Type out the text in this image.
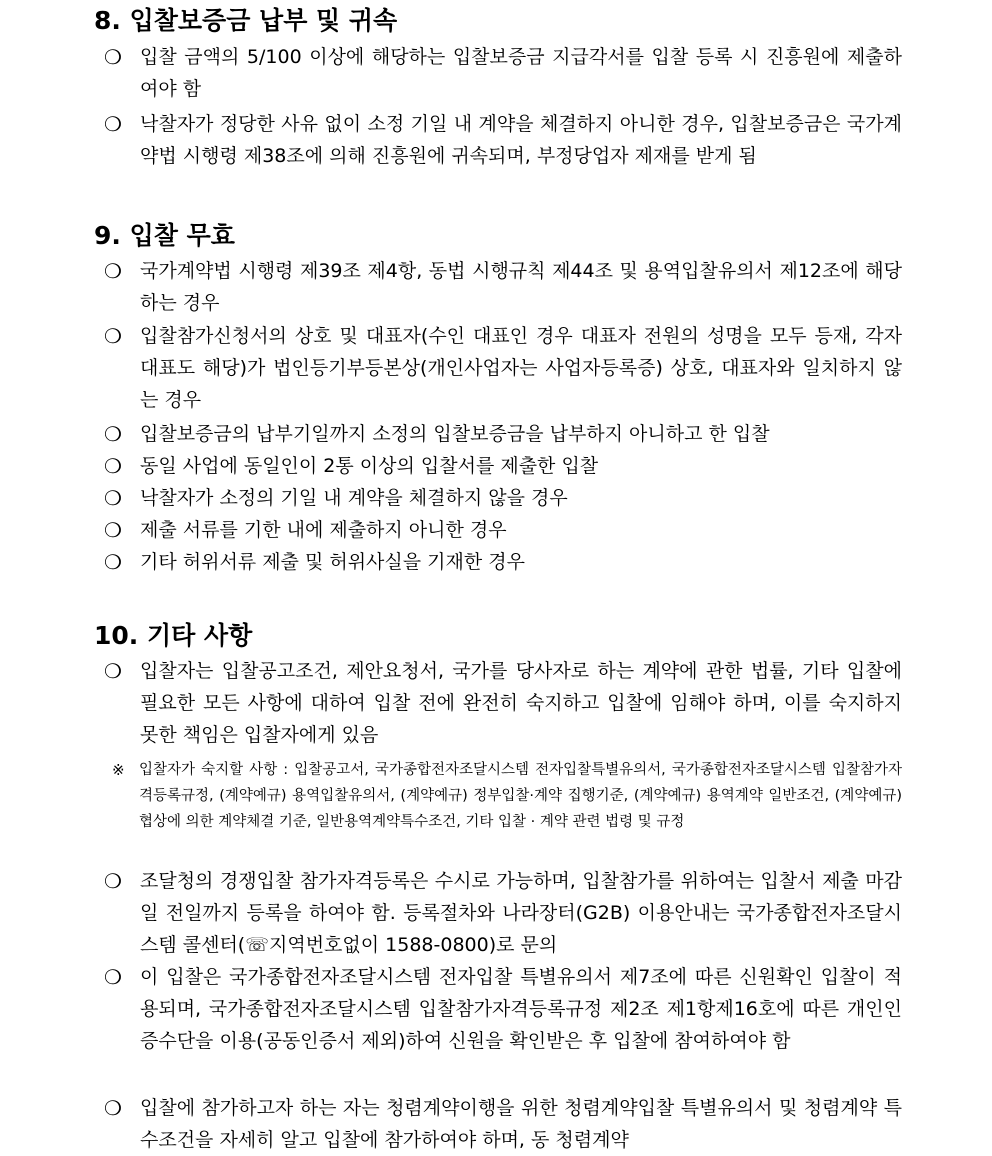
8. 입찰보증금 납부 및 귀속
❍ 입찰 금액의 5/100 이상에 해당하는 입찰보증금 지급각서를 입찰 등록 시 진흥원에 제출하여야 함
❍ 낙찰자가 정당한 사유 없이 소정 기일 내 계약을 체결하지 아니한 경우, 입찰보증금은 국가계약법 시행령 제38조에 의해 진흥원에 귀속되며, 부정당업자 제재를 받게 됨
9. 입찰 무효
❍ 국가계약법 시행령 제39조 제4항, 동법 시행규칙 제44조 및 용역입찰유의서 제12조에 해당하는 경우
❍ 입찰참가신청서의 상호 및 대표자(수인 대표인 경우 대표자 전원의 성명을 모두 등재, 각자 대표도 해당)가 법인등기부등본상(개인사업자는 사업자등록증) 상호, 대표자와 일치하지 않는 경우
❍ 입찰보증금의 납부기일까지 소정의 입찰보증금을 납부하지 아니하고 한 입찰
❍ 동일 사업에 동일인이 2통 이상의 입찰서를 제출한 입찰
❍ 낙찰자가 소정의 기일 내 계약을 체결하지 않을 경우
❍ 제출 서류를 기한 내에 제출하지 아니한 경우
❍ 기타 허위서류 제출 및 허위사실을 기재한 경우
10. 기타 사항
❍ 입찰자는 입찰공고조건, 제안요청서, 국가를 당사자로 하는 계약에 관한 법률, 기타 입찰에 필요한 모든 사항에 대하여 입찰 전에 완전히 숙지하고 입찰에 임해야 하며, 이를 숙지하지 못한 책임은 입찰자에게 있음
※ 입찰자가 숙지할 사항 : 입찰공고서, 국가종합전자조달시스템 전자입찰특별유의서, 국가종합전자조달시스템 입찰참가자격등록규정, (계약예규) 용역입찰유의서, (계약예규) 정부입찰·계약 집행기준, (계약예규) 용역계약 일반조건, (계약예규) 협상에 의한 계약체결 기준, 일반용역계약특수조건, 기타 입찰 · 계약 관련 법령 및 규정
❍ 조달청의 경쟁입찰 참가자격등록은 수시로 가능하며, 입찰참가를 위하여는 입찰서 제출 마감일 전일까지 등록을 하여야 함. 등록절차와 나라장터(G2B) 이용안내는 국가종합전자조달시스템 콜센터(☏지역번호없이 1588-0800)로 문의
❍ 이 입찰은 국가종합전자조달시스템 전자입찰 특별유의서 제7조에 따른 신원확인 입찰이 적용되며, 국가종합전자조달시스템 입찰참가자격등록규정 제2조 제1항제16호에 따른 개인인증수단을 이용(공동인증서 제외)하여 신원을 확인받은 후 입찰에 참여하여야 함
❍ 입찰에 참가하고자 하는 자는 청렴계약이행을 위한 청렴계약입찰 특별유의서 및 청렴계약 특수조건을 자세히 알고 입찰에 참가하여야 하며, 동 청렴계약
